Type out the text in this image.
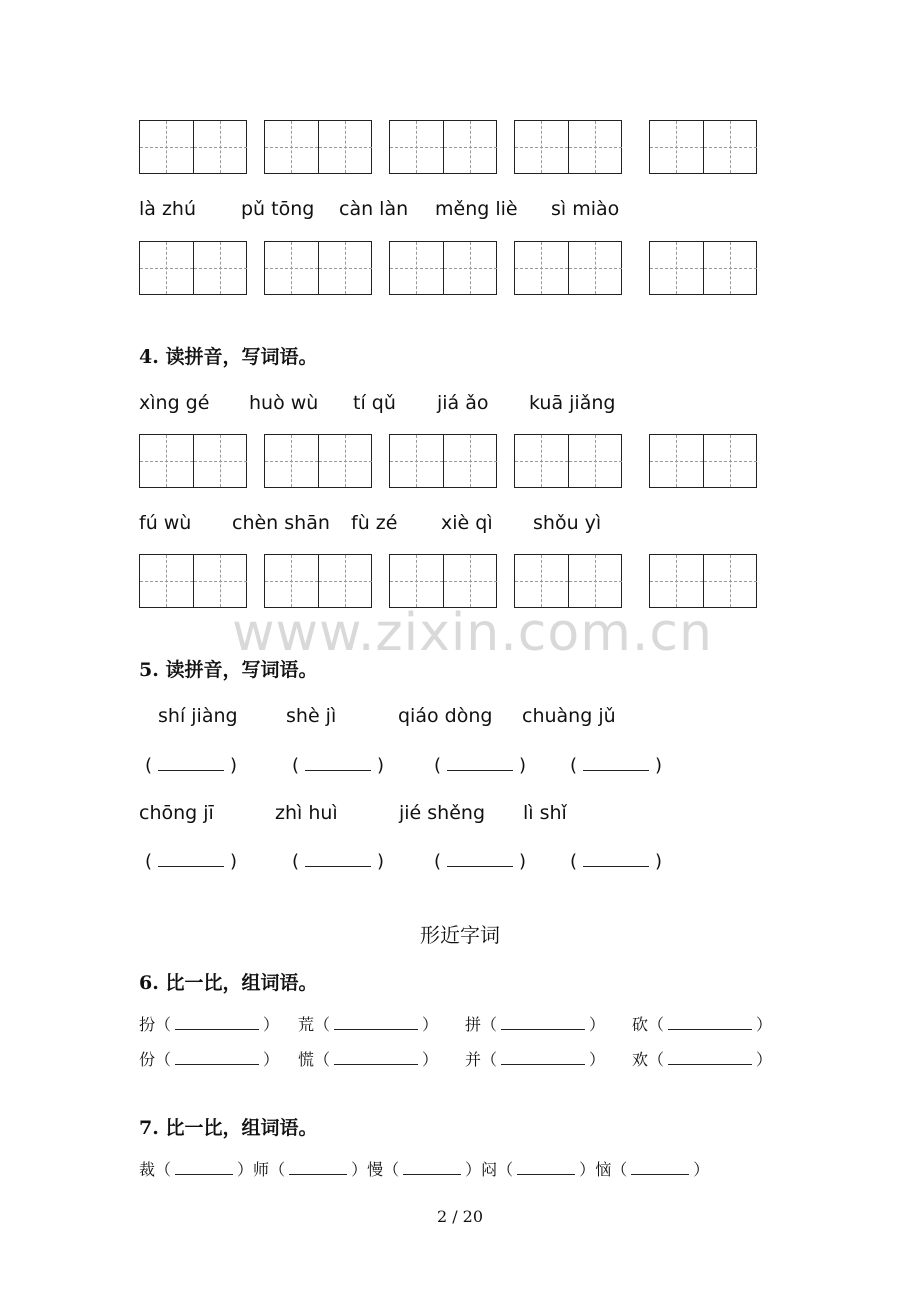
là zhú pǔ tōng càn làn měng liè sì miào
4. 读拼音，写词语。
xìng gé huò wù tí qǔ jiá ǎo kuā jiǎng
fú wù chèn shān fù zé xiè qì shǒu yì
www.zixin.com.cn
5. 读拼音，写词语。
shí jiàng	shè jì	qiáo dòng chuàng jǔ
(	)	(	)	(	) (	)
chōng jī	zhì huì	jié shěng lì shǐ
(	)	(	)	(	) (	)
形近字词
6. 比一比，组词语。
扮（	） 荒（	） 拼（	） 砍（	）
份（	） 慌（	） 并（	） 欢（	）
7. 比一比，组词语。
裁（	）师（	）慢（	）闷（	）恼（	）
2 / 20
